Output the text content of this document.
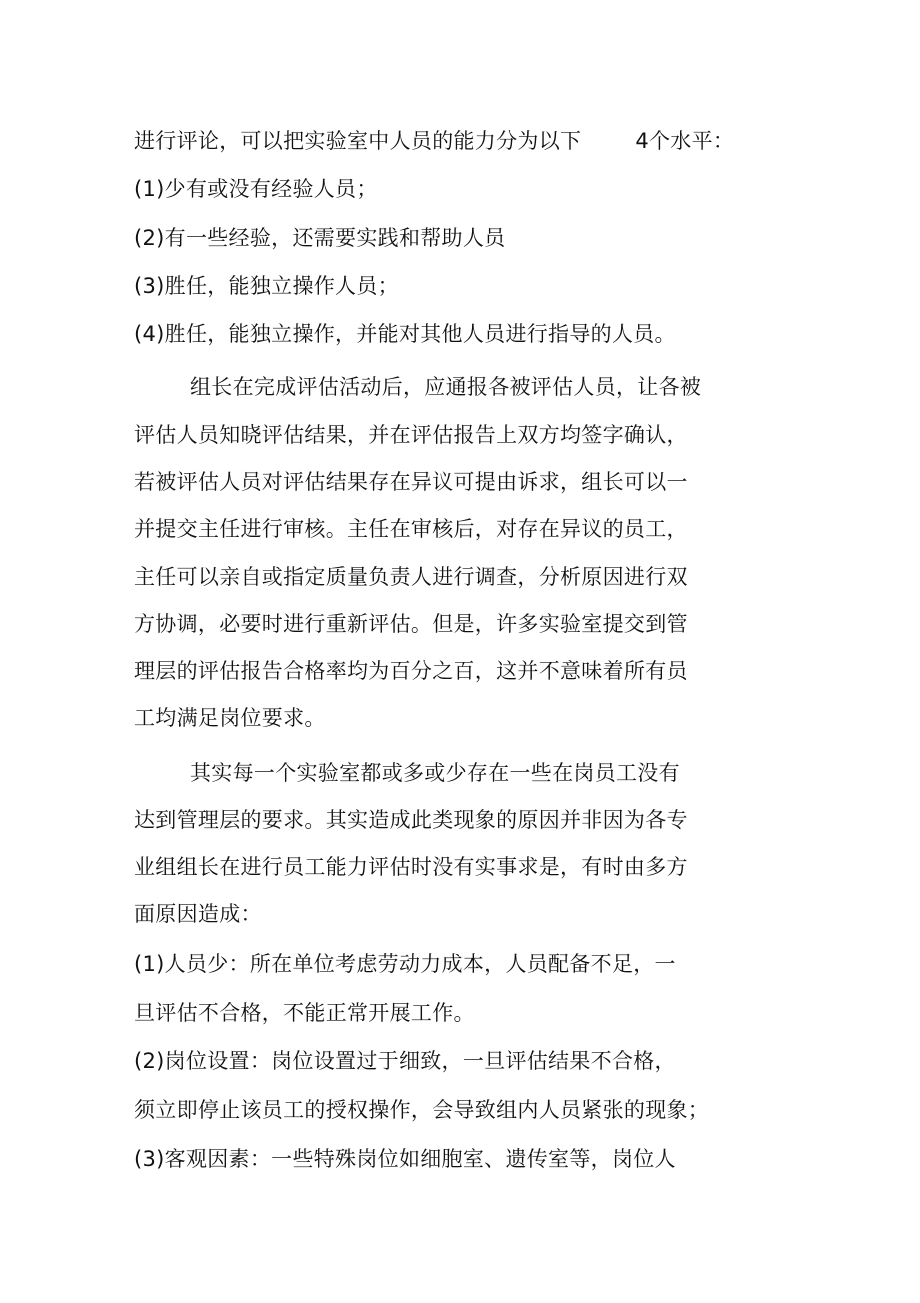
进行评论，可以把实验室中人员的能力分为以下	4个水平：
(1)少有或没有经验人员；
(2)有一些经验，还需要实践和帮助人员
(3)胜任，能独立操作人员；
(4)胜任，能独立操作，并能对其他人员进行指导的人员。
组长在完成评估活动后，应通报各被评估人员，让各被
评估人员知晓评估结果，并在评估报告上双方均签字确认，
若被评估人员对评估结果存在异议可提由诉求，组长可以一
并提交主任进行审核。主任在审核后，对存在异议的员工，
主任可以亲自或指定质量负责人进行调查，分析原因进行双
方协调，必要时进行重新评估。但是，许多实验室提交到管
理层的评估报告合格率均为百分之百，这并不意味着所有员
工均满足岗位要求。
其实每一个实验室都或多或少存在一些在岗员工没有
达到管理层的要求。其实造成此类现象的原因并非因为各专
业组组长在进行员工能力评估时没有实事求是，有时由多方
面原因造成：
(1)人员少：所在单位考虑劳动力成本，人员配备不足，一
旦评估不合格，不能正常开展工作。
(2)岗位设置：岗位设置过于细致，一旦评估结果不合格，
须立即停止该员工的授权操作，会导致组内人员紧张的现象；
(3)客观因素：一些特殊岗位如细胞室、遗传室等，岗位人
